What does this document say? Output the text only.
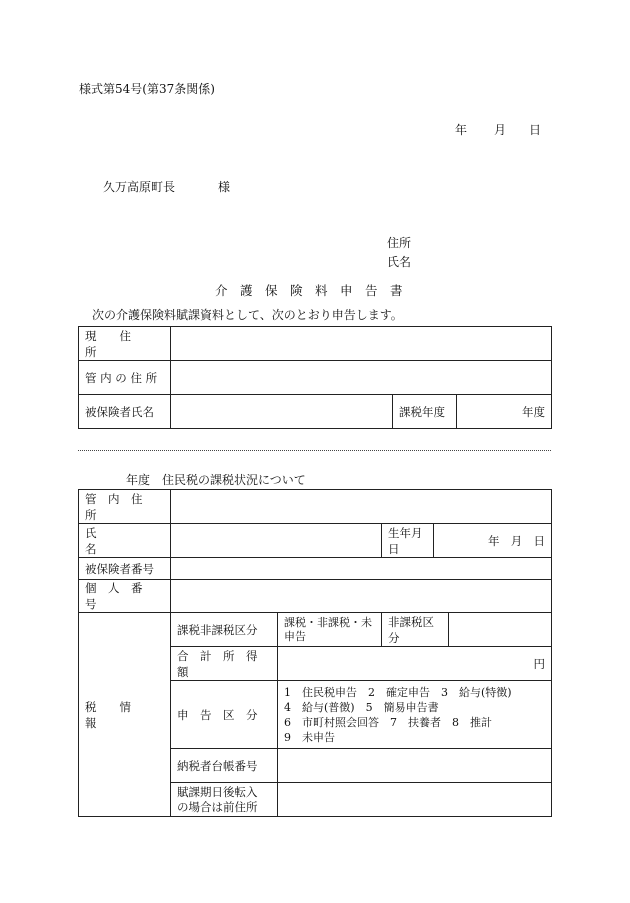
様式第54号(第37条関係)
年 月 日
久万高原町長	様
住所
氏名
介　護　保　険　料　申　告　書
次の介護保険料賦課資料として、次のとおり申告します。
現　　住　　所			
管 内 の 住 所			
被保険者氏名		課税年度	年度
年度　住民税の課税状況について
管　内　住　所					
氏　　　　　名			生年月日	年 月 日	

被保険者番号					
個　人　番　号					
税　　情　　報	課税非課税区分	課税・非課税・未申告	非課税区分		
	合　計　所　得　額	円			
	申　告　区　分	1　住民税申告　2　確定申告　3　給与(特徴)
4　給与(普徴)　5　簡易申告書
6　市町村照会回答　7　扶養者　8　推計
9　未申告			

	納税者台帳番号				

	賦課期日後転入
の場合は前住所				
